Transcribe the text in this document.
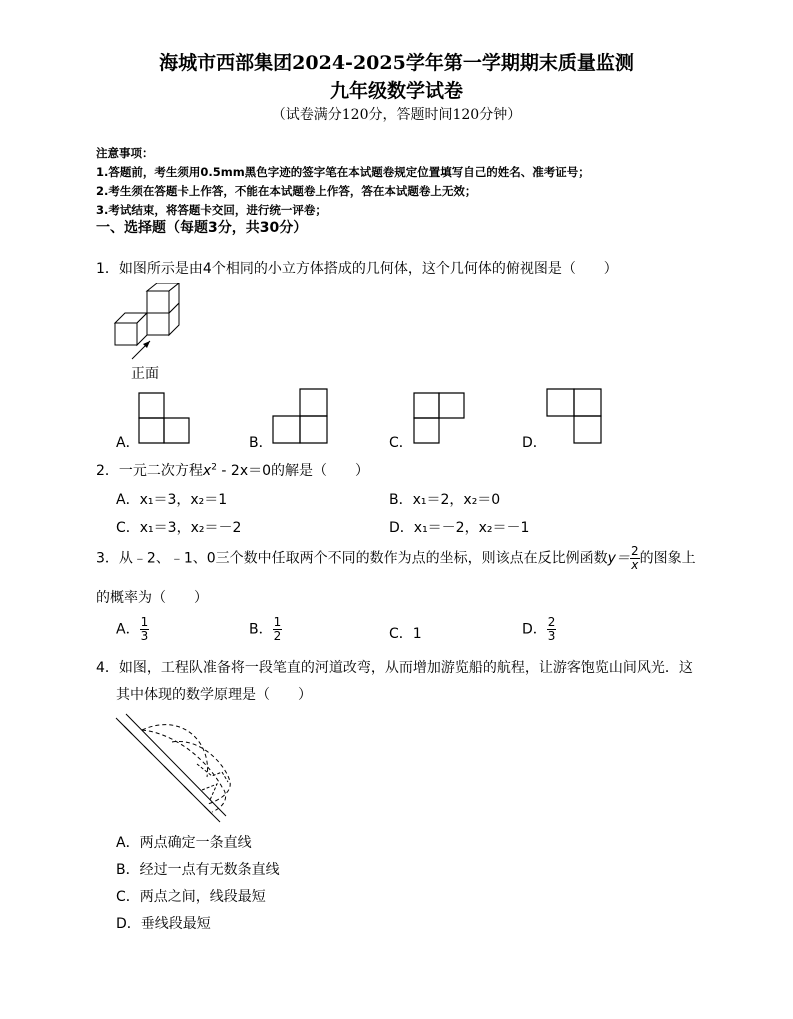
海城市西部集团2024-2025学年第一学期期末质量监测
九年级数学试卷
（试卷满分120分，答题时间120分钟）
注意事项：
1.答题前，考生须用0.5mm黑色字迹的签字笔在本试题卷规定位置填写自己的姓名、准考证号；
2.考生须在答题卡上作答，不能在本试题卷上作答，答在本试题卷上无效；
3.考试结束，将答题卡交回，进行统一评卷；
一、选择题（每题3分，共30分）
1．如图所示是由4个相同的小立方体搭成的几何体，这个几何体的俯视图是（　　）
正面
A．	B．	C．	D．
2．一元二次方程$x^2 - 2x=0$的解是（　　）
A．x₁＝3，x₂＝1	B．x₁＝2，x₂＝0
C．x₁＝3，x₂＝－2	D．x₁＝－2，x₂＝－1
3．从﹣2、﹣1、0三个数中任取两个不同的数作为点的坐标，则该点在反比例函数$y= \frac{2}{x}$ 的图象上
的概率为（　　）
A． $\frac{1}{3}$	B． $\frac{1}{2}$	C．1	D． $\frac{2}{3}$
4．如图，工程队准备将一段笔直的河道改弯，从而增加游览船的航程，让游客饱览山间风光．这
其中体现的数学原理是（　　）
A．两点确定一条直线
B．经过一点有无数条直线
C．两点之间，线段最短
D．垂线段最短
